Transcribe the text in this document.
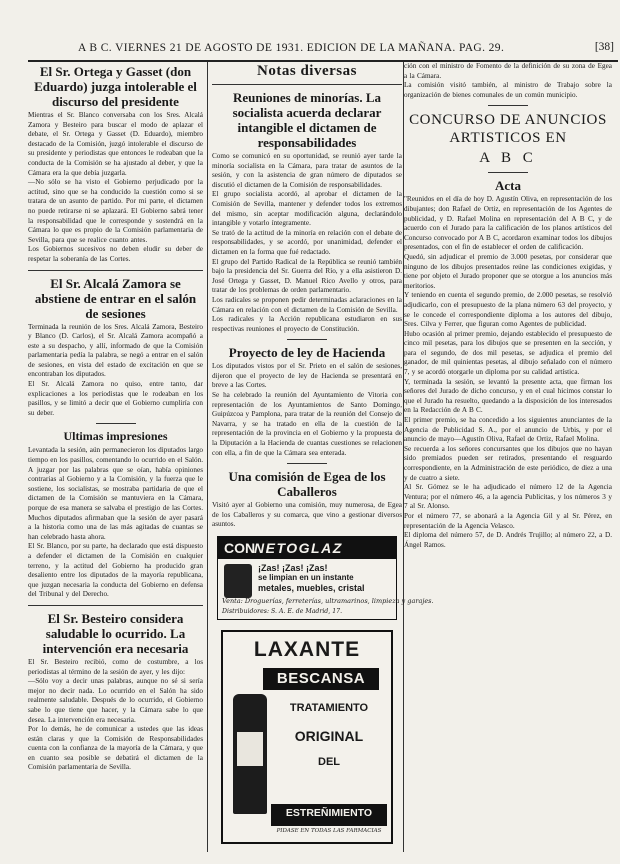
A B C. VIERNES 21 DE AGOSTO DE 1931. EDICION DE LA MAÑANA. PAG. 29.	[38]
El Sr. Ortega y Gasset (don Eduardo) juzga intolerable el discurso del presidente

Mientras el Sr. Blanco conversaba con los Sres. Alcalá Zamora y Besteiro para buscar el modo de aplazar el debate, el Sr. Ortega y Gasset (D. Eduardo), miembro destacado de la Comisión, juzgó intolerable el discurso de su presidente y periodistas que entonces le rodeaban que la conducta de la Comisión se ha ajustado al deber, y que la Cámara era la que debía juzgarla.

—No sólo se ha visto el Gobierno perjudicado por la actitud, sino que se ha conducido la cuestión como si se tratara de un asunto de partido. Por mi parte, el dictamen no puede retirarse ni se aplazará. El Gobierno sabrá tener la responsabilidad que le corresponde y sostendrá en la Cámara lo que es propio de la Comisión parlamentaria de Sevilla, para que se realice cuanto antes.

Los Gobiernos sucesivos no deben eludir su deber de respetar la soberanía de las Cortes.

El Sr. Alcalá Zamora se abstiene de entrar en el salón de sesiones

Terminada la reunión de los Sres. Alcalá Zamora, Besteiro y Blanco (D. Carlos), el Sr. Alcalá Zamora acompañó a este a su despacho, y allí, informado de que la Comisión parlamentaria pedía la palabra, se negó a entrar en el salón de sesiones, en vista del estado de excitación en que se encontraban los diputados.

El Sr. Alcalá Zamora no quiso, entre tanto, dar explicaciones a los periodistas que le rodeaban en los pasillos, y se limitó a decir que el Gobierno cumpliría con su deber.

Ultimas impresiones

Levantada la sesión, aún permanecieron los diputados largo tiempo en los pasillos, comentando lo ocurrido en el Salón. A juzgar por las palabras que se oían, había opiniones contrarias al Gobierno y a la Comisión, y la fuerza que le sostiene, los socialistas, se mostraba partidaria de que el dictamen de la Comisión se mantuviera en la Cámara, porque de esa manera se salvaba el prestigio de las Cortes. Muchos diputados afirmaban que la sesión de ayer pasará a la historia como una de las más agitadas de cuantas se han celebrado hasta ahora.

El Sr. Blanco, por su parte, ha declarado que está dispuesto a defender el dictamen de la Comisión en cualquier terreno, y la actitud del Gobierno ha producido gran desaliento entre los diputados de la mayoría republicana, que juzgan necesaria la conducta del Gobierno en defensa del Tribunal y del Derecho.

El Sr. Besteiro considera saludable lo ocurrido. La intervención era necesaria

El Sr. Besteiro recibió, como de costumbre, a los periodistas al término de la sesión de ayer, y les dijo:

—Sólo voy a decir unas palabras, aunque no sé si sería mejor no decir nada. Lo ocurrido en el Salón ha sido realmente saludable. Después de lo ocurrido, el Gobierno sabe lo que tiene que hacer, y la Cámara sabe lo que desea. La intervención era necesaria.

Por lo demás, he de comunicar a ustedes que las ideas están claras y que la Comisión de Responsabilidades cuenta con la confianza de la mayoría de la Cámara, y que en cuanto sea posible se debatirá el dictamen de la Comisión parlamentaria de Sevilla.

Notas diversas
Reuniones de minorías. La socialista acuerda declarar intangible el dictamen de responsabilidades

Como se comunicó en su oportunidad, se reunió ayer tarde la minoría socialista en la Cámara, para tratar de asuntos de la sesión, y con la asistencia de gran número de diputados se discutió el dictamen de la Comisión de responsabilidades.

El grupo socialista acordó, al aprobar el dictamen de la Comisión de Sevilla, mantener y defender todos los extremos del mismo, sin aceptar modificación alguna, declarándolo intangible y votarlo íntegramente.

Se trató de la actitud de la minoría en relación con el debate de responsabilidades, y se acordó, por unanimidad, defender el dictamen en la forma que fué redactado.

El grupo del Partido Radical de la República se reunió también bajo la presidencia del Sr. Guerra del Río, y a ella asistieron D. José Ortega y Gasset, D. Manuel Rico Avello y otros, para tratar de los problemas de orden parlamentario.

Los radicales se proponen pedir determinadas aclaraciones en la Cámara en relación con el dictamen de la Comisión de Sevilla.

Los radicales y la Acción republicana estudiaron en sus respectivas reuniones el proyecto de Constitución.

Proyecto de ley de Hacienda

Los diputados vistos por el Sr. Prieto en el salón de sesiones, dijeron que el proyecto de ley de Hacienda se presentará en breve a las Cortes.

Se ha celebrado la reunión del Ayuntamiento de Vitoria con representación de los Ayuntamientos de Santo Domingo, Guipúzcoa y Pamplona, para tratar de la reunión del Consejo de Navarra, y se ha tratado en ella de la cuestión de la representación de la provincia en el Gobierno y la propuesta de la Diputación a la Hacienda de cuantas cuestiones se relacionen con ella, a fin de que la Cámara sea enterada.

Una comisión de Egea de los Caballeros

Visitó ayer al Gobierno una comisión, muy numerosa, de Egea de los Caballeros y su comarca, que vino a gestionar diversos asuntos.

CON
NETOGLAZ
¡Zas! ¡Zas! ¡Zas!
se limpian en un instante
metales, muebles, cristal
Venta: Droguerías, ferreterías, ultramarinos, limpieza y garajes.
Distribuidores: S. A. E. de Madrid, 17.
LAXANTE
BESCANSA
TRATAMIENTO
ORIGINAL
DEL
ESTREÑIMIENTO
PIDASE EN TODAS LAS FARMACIAS

ción con el ministro de Fomento de la definición de su zona de Egea a la Cámara.

La comisión visitó también, al ministro de Trabajo sobre la organización de bienes comunales de un común municipio.

CONCURSO DE ANUNCIOS ARTISTICOS EN
A B C
Acta

"Reunidos en el día de hoy D. Agustín Oliva, en representación de los dibujantes; don Rafael de Ortiz, en representación de los Agentes de publicidad, y D. Rafael Molina en representación del A B C, y de acuerdo con el Jurado para la calificación de los planos artísticos del Concurso convocado por A B C, acordaron examinar todos los dibujos presentados, con el fin de establecer el orden de calificación.

Quedó, sin adjudicar el premio de 3.000 pesetas, por considerar que ninguno de los dibujos presentados reúne las condiciones exigidas, y tiene por objeto el Jurado proponer que se otorgue a los anuncios más meritorios.

Y teniendo en cuenta el segundo premio, de 2.000 pesetas, se resolvió adjudicarlo, con el presupuesto de la plana número 63 del proyecto, y se le concede el correspondiente diploma a los autores del dibujo, Sres. Cilva y Ferrer, que figuran como Agentes de publicidad.

Hubo ocasión al primer premio, dejando establecido el presupuesto de cinco mil pesetas, para los dibujos que se presenten en la sección, y para el segundo, de dos mil pesetas, se adjudica el premio del ganador, de mil quinientas pesetas, al dibujo señalado con el número 7, y se acordó otorgarle un diploma por su calidad artística.

Y, terminada la sesión, se levantó la presente acta, que firman los señores del Jurado de dicho concurso, y en el cual hicimos constar lo que el Jurado ha resuelto, quedando a la disposición de los interesados en la Redacción de A B C.

El primer premio, se ha concedido a los siguientes anunciantes de la Agencia de Publicidad S. A., por el anuncio de Urbis, y por el anuncio de mayo—Agustín Oliva, Rafael de Ortiz, Rafael Molina.

Se recuerda a los señores concursantes que los dibujos que no hayan sido premiados pueden ser retirados, presentando el resguardo correspondiente, en la Administración de este periódico, de diez a una y de cuatro a siete.

Al Sr. Gómez se le ha adjudicado el número 12 de la Agencia Ventura; por el número 46, a la agencia Publicitas, y los números 3 y 7 al Sr. Alonso.

Por el número 77, se abonará a la Agencia Gil y al Sr. Pérez, en representación de la Agencia Velasco.

El diploma del número 57, de D. Andrés Trujillo; al número 22, a D. Ángel Ramos.
